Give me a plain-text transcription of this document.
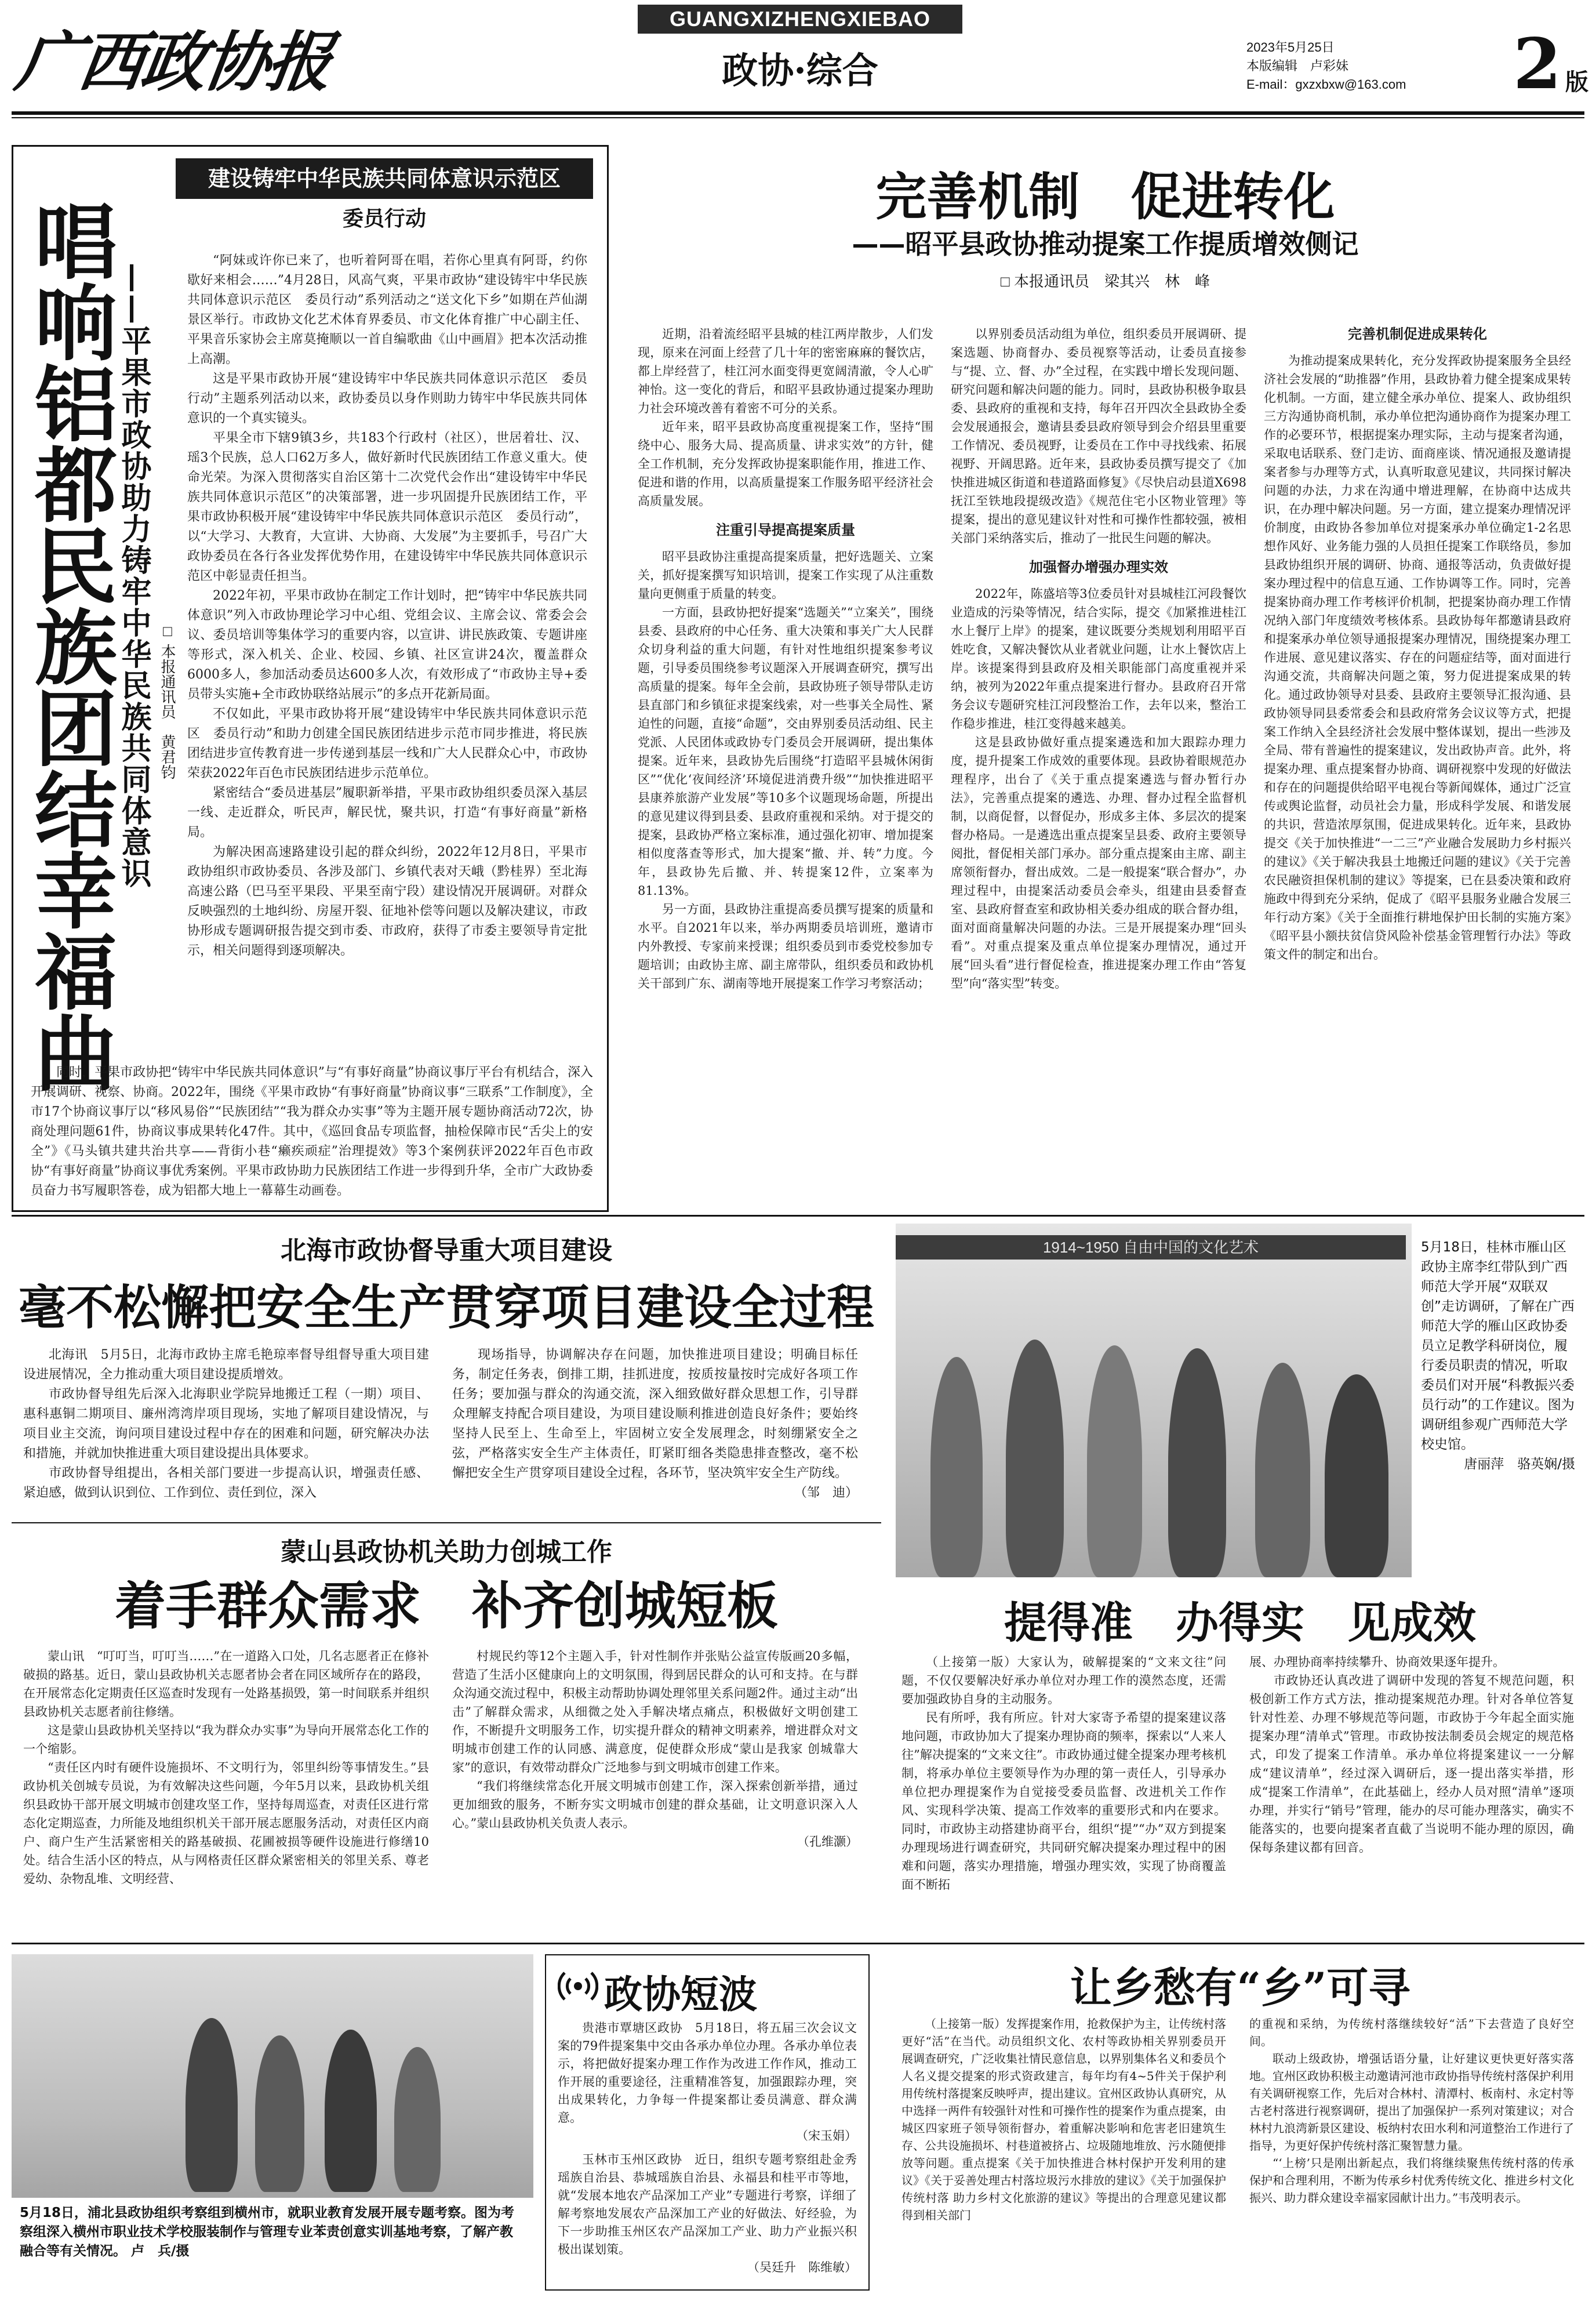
广西政协报
GUANGXIZHENGXIEBAO
政协·综合
2023年5月25日
本版编辑　卢彩妹
E-mail：gxzxbxw@163.com 2 版
建设铸牢中华民族共同体意识示范区
委员行动
唱响铝都民族团结幸福曲 ——平果市政协助力铸牢中华民族共同体意识 □ 本报通讯员　黄君钧

“阿妹或许你已来了，也听着阿哥在唱，若你心里真有阿哥，约你歇好来相会……”4月28日，风高气爽，平果市政协“建设铸牢中华民族共同体意识示范区　委员行动”系列活动之“送文化下乡”如期在芦仙湖景区举行。市政协文化艺术体育界委员、市文化体育推广中心副主任、平果音乐家协会主席莫掩顺以一首自编歌曲《山中画眉》把本次活动推上高潮。

这是平果市政协开展“建设铸牢中华民族共同体意识示范区　委员行动”主题系列活动以来，政协委员以身作则助力铸牢中华民族共同体意识的一个真实镜头。

平果全市下辖9镇3乡，共183个行政村（社区），世居着壮、汉、瑶3个民族，总人口62万多人，做好新时代民族团结工作意义重大。使命光荣。为深入贯彻落实自治区第十二次党代会作出“建设铸牢中华民族共同体意识示范区”的决策部署，进一步巩固提升民族团结工作，平果市政协积极开展“建设铸牢中华民族共同体意识示范区　委员行动”，以“大学习、大教育，大宣讲、大协商、大发展”为主要抓手，号召广大政协委员在各行各业发挥优势作用，在建设铸牢中华民族共同体意识示范区中彰显责任担当。

2022年初，平果市政协在制定工作计划时，把“铸牢中华民族共同体意识”列入市政协理论学习中心组、党组会议、主席会议、常委会会议、委员培训等集体学习的重要内容，以宣讲、讲民族政策、专题讲座等形式，深入机关、企业、校园、乡镇、社区宣讲24次，覆盖群众6000多人，参加活动委员达600多人次，有效形成了“市政协主导+委员带头实施+全市政协联络站展示”的多点开花新局面。

不仅如此，平果市政协将开展“建设铸牢中华民族共同体意识示范区　委员行动”和助力创建全国民族团结进步示范市同步推进，将民族团结进步宣传教育进一步传递到基层一线和广大人民群众心中，市政协荣获2022年百色市民族团结进步示范单位。

紧密结合“委员进基层”履职新举措，平果市政协组织委员深入基层一线、走近群众，听民声，解民忧，聚共识，打造“有事好商量”新格局。

为解决困高速路建设引起的群众纠纷，2022年12月8日，平果市政协组织市政协委员、各涉及部门、乡镇代表对天峨（黔桂界）至北海高速公路（巴马至平果段、平果至南宁段）建设情况开展调研。对群众反映强烈的土地纠纷、房屋开裂、征地补偿等问题以及解决建议，市政协形成专题调研报告提交到市委、市政府，获得了市委主要领导肯定批示，相关问题得到逐项解决。

同时，平果市政协把“铸牢中华民族共同体意识”与“有事好商量”协商议事厅平台有机结合，深入开展调研、视察、协商。2022年，围绕《平果市政协“有事好商量”协商议事“三联系”工作制度》，全市17个协商议事厅以“移风易俗”“民族团结”“我为群众办实事”等为主题开展专题协商活动72次，协商处理问题61件，协商议事成果转化47件。其中，《巡回食品专项监督，抽检保障市民“舌尖上的安全”》《马头镇共建共治共享——背街小巷“癞疾顽症”治理提效》等3个案例获评2022年百色市政协“有事好商量”协商议事优秀案例。平果市政协助力民族团结工作进一步得到升华，全市广大政协委员奋力书写履职答卷，成为铝都大地上一幕幕生动画卷。

完善机制　促进转化
——昭平县政协推动提案工作提质增效侧记
□ 本报通讯员　梁其兴　林　峰

近期，沿着流经昭平县城的桂江两岸散步，人们发现，原来在河面上经营了几十年的密密麻麻的餐饮店，都上岸经营了，桂江河水面变得更宽阔清澈，令人心旷神怡。这一变化的背后，和昭平县政协通过提案办理助力社会环境改善有着密不可分的关系。

近年来，昭平县政协高度重视提案工作，坚持“围绕中心、服务大局、提高质量、讲求实效”的方针，健全工作机制，充分发挥政协提案职能作用，推进工作、促进和谐的作用，以高质量提案工作服务昭平经济社会高质量发展。

注重引导提高提案质量

昭平县政协注重提高提案质量，把好选题关、立案关，抓好提案撰写知识培训，提案工作实现了从注重数量向更侧重于质量的转变。

一方面，县政协把好提案“选题关”“立案关”，围绕县委、县政府的中心任务、重大决策和事关广大人民群众切身利益的重大问题，有针对性地组织提案参考议题，引导委员围绕参考议题深入开展调查研究，撰写出高质量的提案。每年全会前，县政协班子领导带队走访县直部门和乡镇征求提案线索，对一些事关全局性、紧迫性的问题，直接“命题”，交由界别委员活动组、民主党派、人民团体或政协专门委员会开展调研，提出集体提案。近年来，县政协先后围绕“打造昭平县城休闲街区”“优化‘夜间经济’环境促进消费升级”“加快推进昭平县康养旅游产业发展”等10多个议题现场命题，所提出的意见建议得到县委、县政府重视和采纳。对于提交的提案，县政协严格立案标准，通过强化初审、增加提案相似度落查等形式，加大提案“撤、并、转”力度。今年，县政协先后撤、并、转提案12件，立案率为81.13%。

另一方面，县政协注重提高委员撰写提案的质量和水平。自2021年以来，举办两期委员培训班，邀请市内外教授、专家前来授课；组织委员到市委党校参加专题培训；由政协主席、副主席带队，组织委员和政协机关干部到广东、湖南等地开展提案工作学习考察活动；

以界别委员活动组为单位，组织委员开展调研、提案选题、协商督办、委员视察等活动，让委员直接参与“提、立、督、办”全过程，在实践中增长发现问题、研究问题和解决问题的能力。同时，县政协积极争取县委、县政府的重视和支持，每年召开四次全县政协全委会发展通报会，邀请县委县政府领导到会介绍县里重要工作情况、委员视野，让委员在工作中寻找线索、拓展视野、开阔思路。近年来，县政协委员撰写提交了《加快推进城区街道和巷道路面修复》《尽快启动县道X698抚江至铁地段提级改造》《规范住宅小区物业管理》等提案，提出的意见建议针对性和可操作性都较强，被相关部门采纳落实后，推动了一批民生问题的解决。

加强督办增强办理实效

2022年，陈盛培等3位委员针对县城桂江河段餐饮业造成的污染等情况，结合实际，提交《加紧推进桂江水上餐厅上岸》的提案，建议既要分类规划利用昭平百姓吃食，又解决餐饮从业者就业问题，让水上餐饮店上岸。该提案得到县政府及相关职能部门高度重视并采纳，被列为2022年重点提案进行督办。县政府召开常务会议专题研究桂江河段整治工作，去年以来，整治工作稳步推进，桂江变得越来越美。

这是县政协做好重点提案遴选和加大跟踪办理力度，提升提案工作成效的重要体现。县政协着眼规范办理程序，出台了《关于重点提案遴选与督办暂行办法》，完善重点提案的遴选、办理、督办过程全监督机制，以商促督，以督促办，形成多主体、多层次的提案督办格局。一是遴选出重点提案呈县委、政府主要领导阅批，督促相关部门承办。部分重点提案由主席、副主席领衔督办，督出成效。二是一般提案“联合督办”，办理过程中，由提案活动委员会牵头，组建由县委督查室、县政府督查室和政协相关委办组成的联合督办组，面对面商量解决问题的办法。三是开展提案办理“回头看”。对重点提案及重点单位提案办理情况，通过开展“回头看”进行督促检查，推进提案办理工作由“答复型”向“落实型”转变。

完善机制促进成果转化

为推动提案成果转化，充分发挥政协提案服务全县经济社会发展的“助推器”作用，县政协着力健全提案成果转化机制。一方面，建立健全承办单位、提案人、政协组织三方沟通协商机制，承办单位把沟通协商作为提案办理工作的必要环节，根据提案办理实际，主动与提案者沟通，采取电话联系、登门走访、面商座谈、情况通报及邀请提案者参与办理等方式，认真听取意见建议，共同探讨解决问题的办法，力求在沟通中增进理解，在协商中达成共识，在办理中解决问题。另一方面，建立提案办理情况评价制度，由政协各参加单位对提案承办单位确定1-2名思想作风好、业务能力强的人员担任提案工作联络员，参加县政协组织开展的调研、协商、通报等活动，负责做好提案办理过程中的信息互通、工作协调等工作。同时，完善提案协商办理工作考核评价机制，把提案协商办理工作情况纳入部门年度绩效考核体系。县政协每年都邀请县政府和提案承办单位领导通报提案办理情况，围绕提案办理工作进展、意见建议落实、存在的问题症结等，面对面进行沟通交流，共商解决问题之策，努力促进提案成果的转化。通过政协领导对县委、县政府主要领导汇报沟通、县政协领导同县委常委会和县政府常务会议议等方式，把提案工作纳入全县经济社会发展中整体谋划，提出一些涉及全局、带有普遍性的提案建议，发出政协声音。此外，将提案办理、重点提案督办协商、调研视察中发现的好做法和存在的问题提供给昭平电视台等新闻媒体，通过广泛宣传或舆论监督，动员社会力量，形成科学发展、和谐发展的共识，营造浓厚氛围，促进成果转化。近年来，县政协提交《关于加快推进“一二三”产业融合发展助力乡村振兴的建议》《关于解决我县土地搬迁问题的建议》《关于完善农民融资担保机制的建议》等提案，已在县委决策和政府施政中得到充分采纳，促成了《昭平县服务业融合发展三年行动方案》《关于全面推行耕地保护田长制的实施方案》《昭平县小额扶贫信贷风险补偿基金管理暂行办法》等政策文件的制定和出台。

北海市政协督导重大项目建设
毫不松懈把安全生产贯穿项目建设全过程

北海讯　5月5日，北海市政协主席毛艳琼率督导组督导重大项目建设进展情况，全力推动重大项目建设提质增效。

市政协督导组先后深入北海职业学院异地搬迁工程（一期）项目、惠科惠铜二期项目、廉州湾湾岸项目现场，实地了解项目建设情况，与项目业主交流，询问项目建设过程中存在的困难和问题，研究解决办法和措施，并就加快推进重大项目建设提出具体要求。

市政协督导组提出，各相关部门要进一步提高认识，增强责任感、紧迫感，做到认识到位、工作到位、责任到位，深入

现场指导，协调解决存在问题，加快推进项目建设；明确目标任务，制定任务表，倒排工期，挂抓进度，按质按量按时完成好各项工作任务；要加强与群众的沟通交流，深入细致做好群众思想工作，引导群众理解支持配合项目建设，为项目建设顺利推进创造良好条件；要始终坚持人民至上、生命至上，牢固树立安全发展理念，时刻绷紧安全之弦，严格落实安全生产主体责任，盯紧盯细各类隐患排查整改，毫不松懈把安全生产贯穿项目建设全过程，各环节，坚决筑牢安全生产防线。

（邹　迪）
蒙山县政协机关助力创城工作
着手群众需求　补齐创城短板

蒙山讯　“叮叮当，叮叮当……”在一道路入口处，几名志愿者正在修补破损的路基。近日，蒙山县政协机关志愿者协会者在同区域所存在的路段，在开展常态化定期责任区巡查时发现有一处路基损毁，第一时间联系并组织县政协机关志愿者前往修缮。

这是蒙山县政协机关坚持以“我为群众办实事”为导向开展常态化工作的一个缩影。

“责任区内时有硬件设施损坏、不文明行为，邻里纠纷等事情发生。”县政协机关创城专员说，为有效解决这些问题，今年5月以来，县政协机关组织县政协干部开展文明城市创建攻坚工作，坚持每周巡查，对责任区进行常态化定期巡查，力所能及地组织机关干部开展志愿服务活动，对责任区内商户、商户生产生活紧密相关的路基破损、花圃被损等硬件设施进行修缮10处。结合生活小区的特点，从与网格责任区群众紧密相关的邻里关系、尊老爱幼、杂物乱堆、文明经营、

村规民约等12个主题入手，针对性制作并张贴公益宣传版画20多幅，营造了生活小区健康向上的文明氛围，得到居民群众的认可和支持。在与群众沟通交流过程中，积极主动帮助协调处理邻里关系问题2件。通过主动“出击”了解群众需求，从细微之处入手解决堵点痛点，积极做好文明创建工作，不断提升文明服务工作，切实提升群众的精神文明素养，增进群众对文明城市创建工作的认同感、满意度，促使群众形成“蒙山是我家 创城靠大家”的意识，有效带动群众广泛地参与到文明城市创建工作来。

“我们将继续常态化开展文明城市创建工作，深入探索创新举措，通过更加细致的服务，不断夯实文明城市创建的群众基础，让文明意识深入人心。”蒙山县政协机关负责人表示。

（孔维灏）
1914~1950 自由中国的文化艺术	5月18日，桂林市雁山区政协主席李红带队到广西师范大学开展“双联双创”走访调研，了解在广西师范大学的雁山区政协委员立足教学科研岗位，履行委员职责的情况，听取委员们对开展“科教振兴委员行动”的工作建议。图为调研组参观广西师范大学校史馆。
唐丽萍　骆英娴/摄
提得准　办得实　见成效

（上接第一版）大家认为，破解提案的“文来文往”问题，不仅仅要解决好承办单位对办理工作的漠然态度，还需要加强政协自身的主动服务。

民有所呼，我有所应。针对大家寄予希望的提案建议落地问题，市政协加大了提案办理协商的频率，探索以“人来人往”解决提案的“文来文往”。市政协通过健全提案办理考核机制，将承办单位主要领导作为办理的第一责任人，引导承办单位把办理提案作为自觉接受委员监督、改进机关工作作风、实现科学决策、提高工作效率的重要形式和内在要求。同时，市政协主动搭建协商平台，组织“提”“办”双方到提案办理现场进行调查研究，共同研究解决提案办理过程中的困难和问题，落实办理措施，增强办理实效，实现了协商覆盖面不断拓

展、办理协商率持续攀升、协商效果逐年提升。

市政协还认真改进了调研中发现的答复不规范问题，积极创新工作方式方法，推动提案规范办理。针对各单位答复针对性差、办理不够规范等问题，市政协于今年起全面实施提案办理“清单式”管理。市政协按法制委员会规定的规范格式，印发了提案工作清单。承办单位将提案建议一一分解成“建议清单”，经过深入调研后，逐一提出落实举措，形成“提案工作清单”，在此基础上，经办人员对照“清单”逐项办理，并实行“销号”管理，能办的尽可能办理落实，确实不能落实的，也要向提案者直截了当说明不能办理的原因，确保每条建议都有回音。

5月18日，浦北县政协组织考察组到横州市，就职业教育发展开展专题考察。图为考察组深入横州市职业技术学校服装制作与管理专业苯责创意实训基地考察，了解产教融合等有关情况。 卢　兵/摄
政协短波

贵港市覃塘区政协　5月18日，将五届三次会议文案的79件提案集中交由各承办单位办理。各承办单位表示，将把做好提案办理工作作为改进工作作风，推动工作开展的重要途径，注重精准答复，加强跟踪办理，突出成果转化，力争每一件提案都让委员满意、群众满意。

（宋玉娟）

玉林市玉州区政协　近日，组织专题考察组赴金秀瑶族自治县、恭城瑶族自治县、永福县和桂平市等地，就“发展本地农产品深加工产业”专题进行考察，详细了解考察地发展农产品深加工产业的好做法、好经验，为下一步助推玉州区农产品深加工产业、助力产业振兴积极出谋划策。

（吴廷升　陈维敏）
让乡愁有“乡”可寻

（上接第一版）发挥提案作用，抢救保护为主，让传统村落更好“活”在当代。动员组织文化、农村等政协相关界别委员开展调查研究，广泛收集社情民意信息，以界别集体名义和委员个人名义提交提案的形式资政建言，每年均有4~5件关于保护利用传统村落提案反映呼声，提出建议。宜州区政协认真研究，从中选择一两件有较强针对性和可操作性的提案作为重点提案，由城区四家班子领导领衔督办，着重解决影响和危害老旧建筑生存、公共设施损坏、村巷道被挤占、垃圾随地堆放、污水随便排放等问题。重点提案《关于加快推进合林村保护开发利用的建议》《关于妥善处理古村落垃圾污水排放的建议》《关于加强保护传统村落 助力乡村文化旅游的建议》等提出的合理意见建议都得到相关部门

的重视和采纳，为传统村落继续较好“活”下去营造了良好空间。

联动上级政协，增强话语分量，让好建议更快更好落实落地。宜州区政协积极主动邀请河池市政协指导传统村落保护利用有关调研视察工作，先后对合林村、清潭村、板南村、永定村等古老村落进行视察调研，提出了加强保护一系列对策建议；对合林村九浪湾新景区建设、板纳村农田水利和河道整治工作进行了指导，为更好保护传统村落汇聚智慧力量。

“‘上榜’只是刚出新起点，我们将继续聚焦传统村落的传承保护和合理利用，不断为传承乡村优秀传统文化、推进乡村文化振兴、助力群众建设幸福家园献计出力。”韦茂明表示。
